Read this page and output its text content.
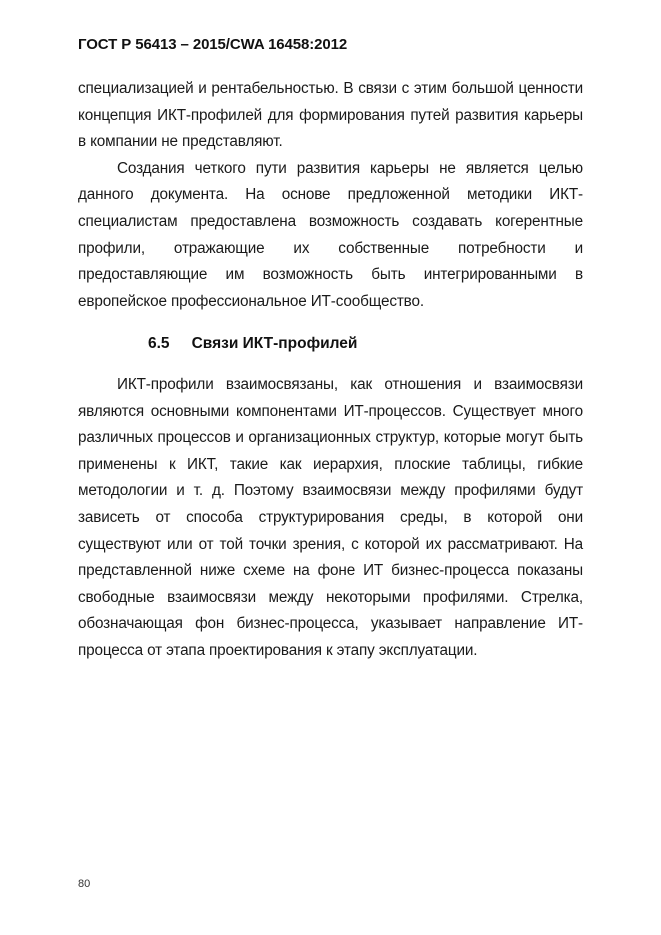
ГОСТ Р 56413 – 2015/CWA 16458:2012

специализацией и рентабельностью. В связи с этим большой ценности концепция ИКТ-профилей для формирования путей развития карьеры в компании не представляют.

Создания четкого пути развития карьеры не является целью данного документа. На основе предложенной методики ИКТ-специалистам предоставлена возможность создавать когерентные профили, отражающие их собственные потребности и предоставляющие им возможность быть интегрированными в европейское профессиональное ИТ-сообщество.

6.5 Связи ИКТ-профилей

ИКТ-профили взаимосвязаны, как отношения и взаимосвязи являются основными компонентами ИТ-процессов. Существует много различных процессов и организационных структур, которые могут быть применены к ИКТ, такие как иерархия, плоские таблицы, гибкие методологии и т. д. Поэтому взаимосвязи между профилями будут зависеть от способа структурирования среды, в которой они существуют или от той точки зрения, с которой их рассматривают. На представленной ниже схеме на фоне ИТ бизнес-процесса показаны свободные взаимосвязи между некоторыми профилями. Стрелка, обозначающая фон бизнес-процесса, указывает направление ИТ-процесса от этапа проектирования к этапу эксплуатации.

80
